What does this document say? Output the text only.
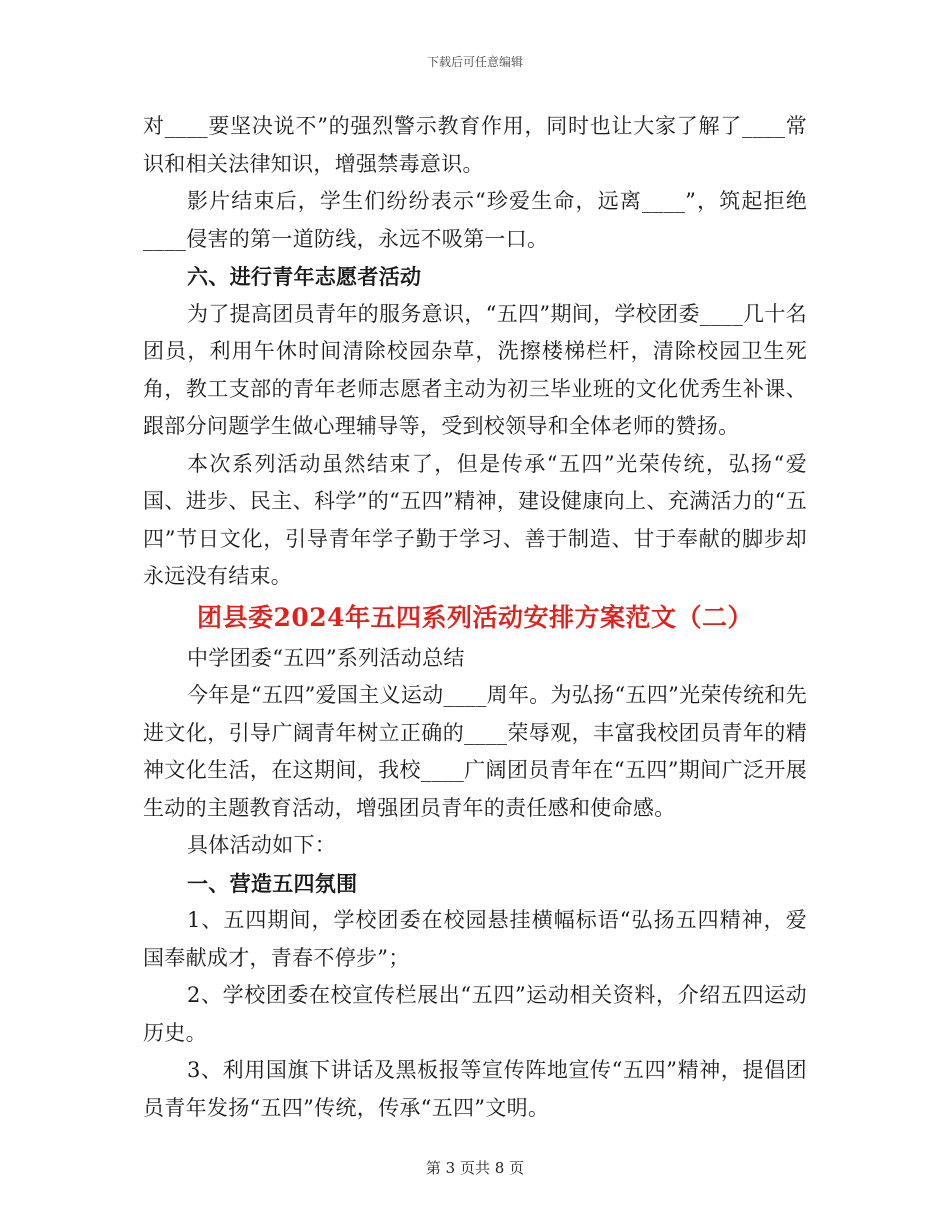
下载后可任意编辑

对____要坚决说不”的强烈警示教育作用，同时也让大家了解了____常识和相关法律知识，增强禁毒意识。

影片结束后，学生们纷纷表示“珍爱生命，远离____”，筑起拒绝____侵害的第一道防线，永远不吸第一口。

六、进行青年志愿者活动

为了提高团员青年的服务意识，“五四”期间，学校团委____几十名团员，利用午休时间清除校园杂草，洗擦楼梯栏杆，清除校园卫生死角，教工支部的青年老师志愿者主动为初三毕业班的文化优秀生补课、跟部分问题学生做心理辅导等，受到校领导和全体老师的赞扬。

本次系列活动虽然结束了，但是传承“五四”光荣传统，弘扬“爱国、进步、民主、科学”的“五四”精神，建设健康向上、充满活力的“五四”节日文化，引导青年学子勤于学习、善于制造、甘于奉献的脚步却永远没有结束。

团县委2024年五四系列活动安排方案范文（二）

中学团委“五四”系列活动总结

今年是“五四”爱国主义运动____周年。为弘扬“五四”光荣传统和先进文化，引导广阔青年树立正确的____荣辱观，丰富我校团员青年的精神文化生活，在这期间，我校____广阔团员青年在“五四”期间广泛开展生动的主题教育活动，增强团员青年的责任感和使命感。

具体活动如下：

一、营造五四氛围

1、五四期间，学校团委在校园悬挂横幅标语“弘扬五四精神，爱国奉献成才，青春不停步”；

2、学校团委在校宣传栏展出“五四”运动相关资料，介绍五四运动历史。

3、利用国旗下讲话及黑板报等宣传阵地宣传“五四”精神，提倡团员青年发扬“五四”传统，传承“五四”文明。

第 3 页共 8 页
